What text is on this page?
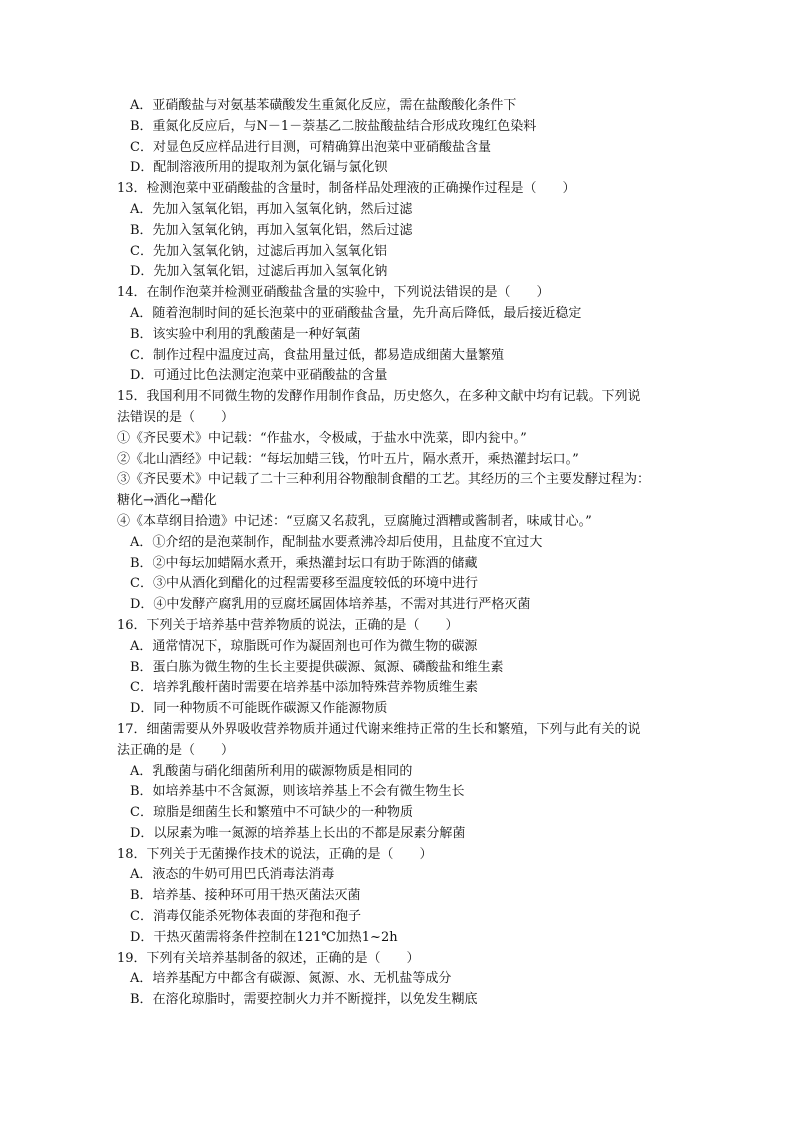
A．亚硝酸盐与对氨基苯磺酸发生重氮化反应，需在盐酸酸化条件下
B．重氮化反应后，与N－1－萘基乙二胺盐酸盐结合形成玫瑰红色染料
C．对显色反应样品进行目测，可精确算出泡菜中亚硝酸盐含量
D．配制溶液所用的提取剂为氯化镉与氯化钡
13．检测泡菜中亚硝酸盐的含量时，制备样品处理液的正确操作过程是（　　）
A．先加入氢氧化铝，再加入氢氧化钠，然后过滤
B．先加入氢氧化钠，再加入氢氧化铝，然后过滤
C．先加入氢氧化钠，过滤后再加入氢氧化铝
D．先加入氢氧化铝，过滤后再加入氢氧化钠
14．在制作泡菜并检测亚硝酸盐含量的实验中，下列说法错误的是（　　）
A．随着泡制时间的延长泡菜中的亚硝酸盐含量，先升高后降低，最后接近稳定
B．该实验中利用的乳酸菌是一种好氧菌
C．制作过程中温度过高，食盐用量过低，都易造成细菌大量繁殖
D．可通过比色法测定泡菜中亚硝酸盐的含量
15．我国利用不同微生物的发酵作用制作食品，历史悠久，在多种文献中均有记载。下列说
法错误的是（　　）
①《齐民要术》中记载：“作盐水，令极咸，于盐水中洗菜，即内瓮中。”
②《北山酒经》中记载：“每坛加蜡三钱，竹叶五片，隔水煮开，乘热灌封坛口。”
③《齐民要术》中记载了二十三种利用谷物酿制食醋的工艺。其经历的三个主要发酵过程为：
糖化→酒化→醋化
④《本草纲目拾遗》中记述：“豆腐又名菽乳，豆腐腌过酒糟或酱制者，味咸甘心。”
A．①介绍的是泡菜制作，配制盐水要煮沸冷却后使用，且盐度不宜过大
B．②中每坛加蜡隔水煮开，乘热灌封坛口有助于陈酒的储藏
C．③中从酒化到醋化的过程需要移至温度较低的环境中进行
D．④中发酵产腐乳用的豆腐坯属固体培养基，不需对其进行严格灭菌
16．下列关于培养基中营养物质的说法，正确的是（　　）
A．通常情况下，琼脂既可作为凝固剂也可作为微生物的碳源
B．蛋白胨为微生物的生长主要提供碳源、氮源、磷酸盐和维生素
C．培养乳酸杆菌时需要在培养基中添加特殊营养物质维生素
D．同一种物质不可能既作碳源又作能源物质
17．细菌需要从外界吸收营养物质并通过代谢来维持正常的生长和繁殖，下列与此有关的说
法正确的是（　　）
A．乳酸菌与硝化细菌所利用的碳源物质是相同的
B．如培养基中不含氮源，则该培养基上不会有微生物生长
C．琼脂是细菌生长和繁殖中不可缺少的一种物质
D．以尿素为唯一氮源的培养基上长出的不都是尿素分解菌
18．下列关于无菌操作技术的说法，正确的是（　　）
A．液态的牛奶可用巴氏消毒法消毒
B．培养基、接种环可用干热灭菌法灭菌
C．消毒仅能杀死物体表面的芽孢和孢子
D．干热灭菌需将条件控制在121℃加热1~2h
19．下列有关培养基制备的叙述，正确的是（　　）
A．培养基配方中都含有碳源、氮源、水、无机盐等成分
B．在溶化琼脂时，需要控制火力并不断搅拌，以免发生糊底
